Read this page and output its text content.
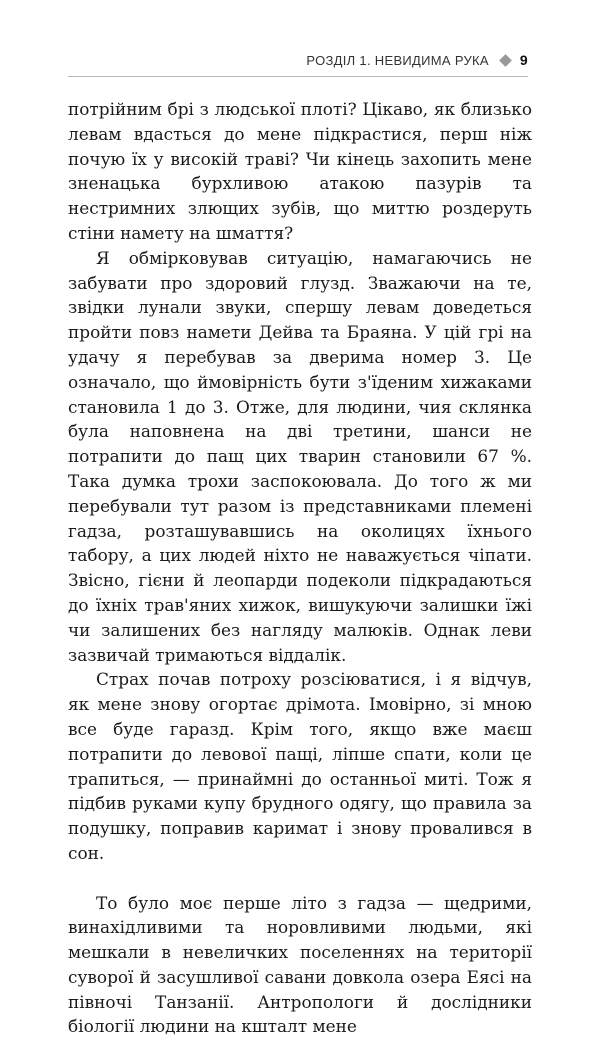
РОЗДІЛ 1. НЕВИДИМА РУКА 9

потрійним брі з людської плоті? Цікаво, як близько левам вдасться до мене підкрастися, перш ніж почую їх у високій траві? Чи кінець захопить мене зненацька бурхливою атакою пазурів та нестримних злющих зубів, що миттю роздеруть стіни намету на шмаття?

Я обмірковував ситуацію, намагаючись не забувати про здоровий глузд. Зважаючи на те, звідки лунали звуки, спершу левам доведеться пройти повз намети Дейва та Браяна. У цій грі на удачу я перебував за дверима номер 3. Це означало, що ймовірність бути з'їденим хижаками становила 1 до 3. Отже, для людини, чия склянка була наповнена на дві третини, шанси не потрапити до пащ цих тварин становили 67 %. Така думка трохи заспокоювала. До того ж ми перебували тут разом із представниками племені гадза, розташувавшись на околицях їхнього табору, а цих людей ніхто не наважується чіпати. Звісно, гієни й леопарди подеколи підкрадаються до їхніх трав'яних хижок, вишукуючи залишки їжі чи залишених без нагляду малюків. Однак леви зазвичай тримаються віддалік.

Страх почав потроху розсіюватися, і я відчув, як мене знову огортає дрімота. Імовірно, зі мною все буде гаразд. Крім того, якщо вже маєш потрапити до левової пащі, ліпше спати, коли це трапиться, — принаймні до останньої миті. Тож я підбив руками купу брудного одягу, що правила за подушку, поправив каримат і знову провалився в сон.

То було моє перше літо з гадза — щедрими, винахідливими та норовливими людьми, які мешкали в невеличких поселеннях на території суворої й засушливої савани довкола озера Еясі на півночі Танзанії. Антропологи й дослідники біології людини на кшталт мене
